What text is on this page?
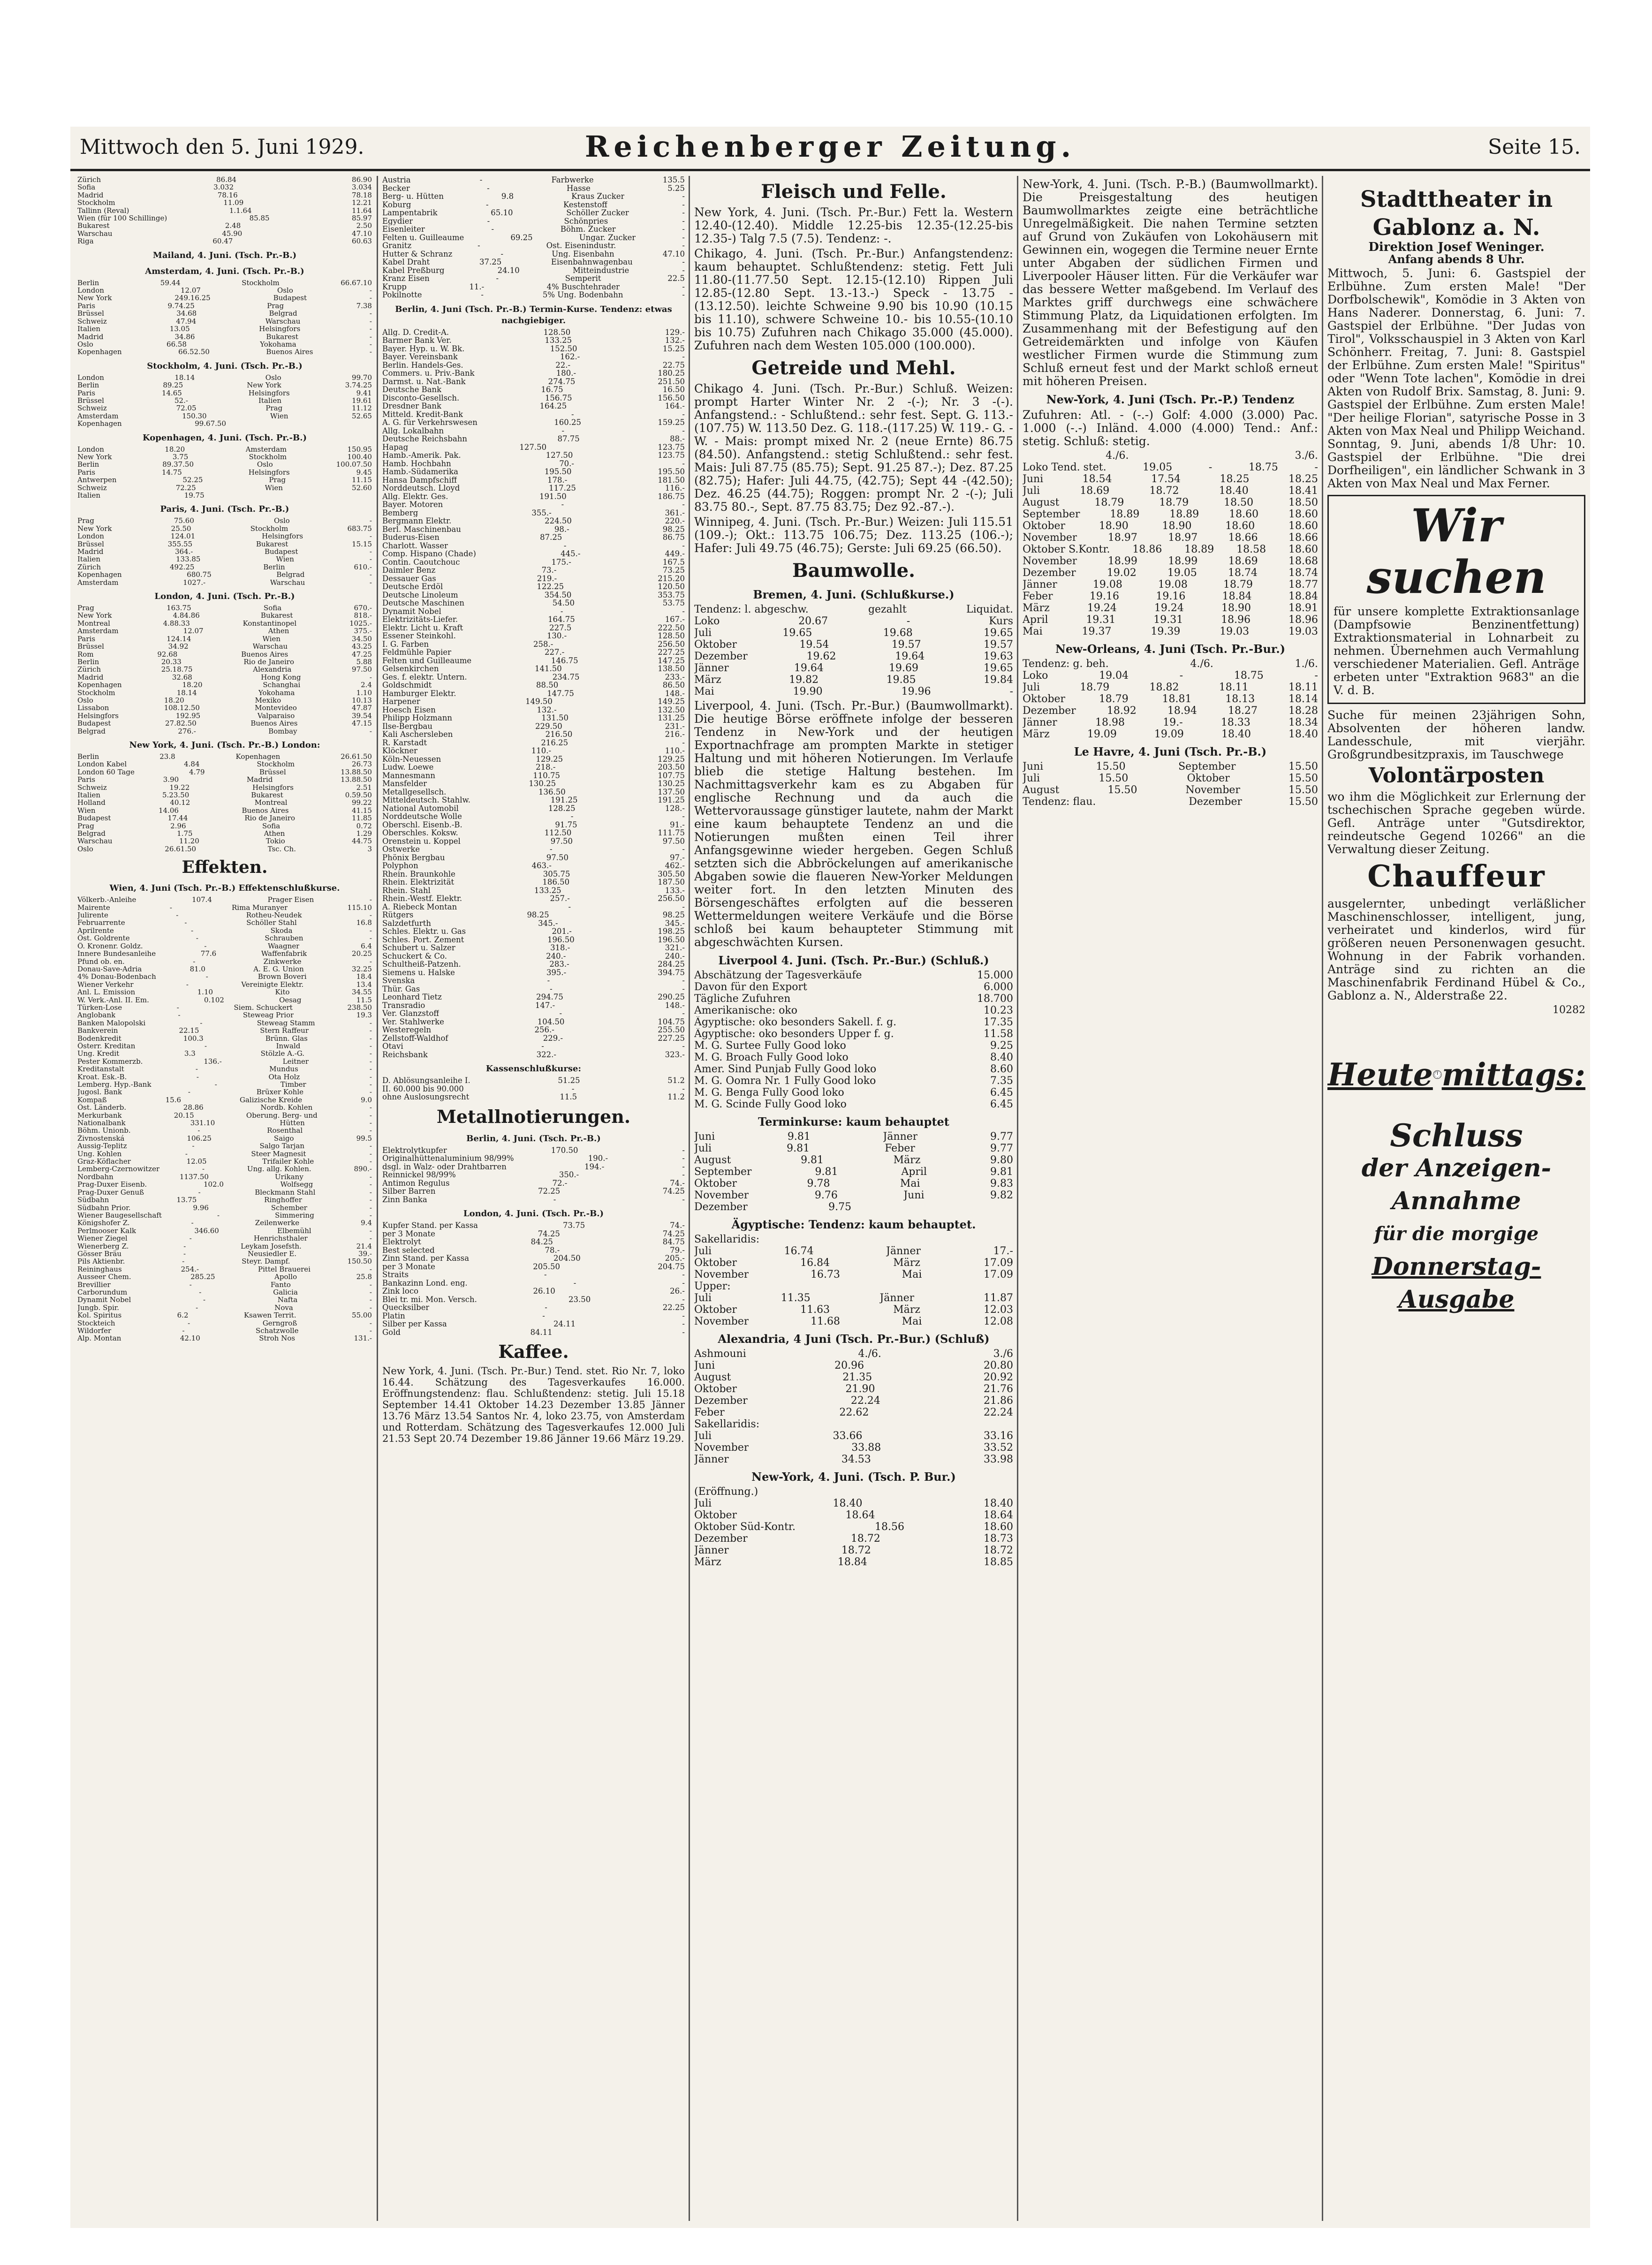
Mittwoch den 5. Juni 1929.	Reichenberger Zeitung.	Seite 15.
Zürich	86.84	86.90
Sofia	3.032	3.034
Madrid	78.16	78.18
Stockholm	11.09	12.21
Tallinn (Reval)	1.1.64	11.64
Wien (für 100 Schillinge)	85.85	85.97
Bukarest	2.48	2.50
Warschau	45.90	47.10
Riga	60.47	60.63
Mailand, 4. Juni. (Tsch. Pr.-B.)
Amsterdam, 4. Juni. (Tsch. Pr.-B.)
Berlin	59.44	Stockholm	66.67.10
London	12.07	Oslo	-
New York	249.16.25	Budapest	-
Paris	9.74.25	Prag	7.38
Brüssel	34.68	Belgrad	-
Schweiz	47.94	Warschau	-
Italien	13.05	Helsingfors	-
Madrid	34.86	Bukarest	-
Oslo	66.58	Yokohama	-
Kopenhagen	66.52.50	Buenos Aires	-
Stockholm, 4. Juni. (Tsch. Pr.-B.)
London	18.14	Oslo	99.70
Berlin	89.25	New York	3.74.25
Paris	14.65	Helsingfors	9.41
Brüssel	52.-	Italien	19.61
Schweiz	72.05	Prag	11.12
Amsterdam	150.30	Wien	52.65
Kopenhagen	99.67.50
Kopenhagen, 4. Juni. (Tsch. Pr.-B.)
London	18.20	Amsterdam	150.95
New York	3.75	Stockholm	100.40
Berlin	89.37.50	Oslo	100.07.50
Paris	14.75	Helsingfors	9.45
Antwerpen	52.25	Prag	11.15
Schweiz	72.25	Wien	52.60
Italien	19.75
Paris, 4. Juni. (Tsch. Pr.-B.)
Prag	75.60	Oslo	-
New York	25.50	Stockholm	683.75
London	124.01	Helsingfors	-
Brüssel	355.55	Bukarest	15.15
Madrid	364.-	Budapest	-
Italien	133.85	Wien	-
Zürich	492.25	Berlin	610.-
Kopenhagen	680.75	Belgrad	-
Amsterdam	1027.-	Warschau	-
London, 4. Juni. (Tsch. Pr.-B.)
Prag	163.75	Sofia	670.-
New York	4.84.86	Bukarest	818.-
Montreal	4.88.33	Konstantinopel	1025.-
Amsterdam	12.07	Athen	375.-
Paris	124.14	Wien	34.50
Brüssel	34.92	Warschau	43.25
Rom	92.68	Buenos Aires	47.25
Berlin	20.33	Rio de Janeiro	5.88
Zürich	25.18.75	Alexandria	97.50
Madrid	32.68	Hong Kong	-
Kopenhagen	18.20	Schanghai	2.4
Stockholm	18.14	Yokohama	1.10
Oslo	18.20	Mexiko	10.13
Lissabon	108.12.50	Montevideo	47.87
Helsingfors	192.95	Valparaiso	39.54
Budapest	27.82.50	Buenos Aires	47.15
Belgrad	276.-	Bombay	-
New York, 4. Juni. (Tsch. Pr.-B.) London:
Berlin	23.8	Kopenhagen	26.61.50
London Kabel	4.84	Stockholm	26.73
London 60 Tage	4.79	Brüssel	13.88.50
Paris	3.90	Madrid	13.88.50
Schweiz	19.22	Helsingfors	2.51
Italien	5.23.50	Bukarest	0.59.50
Holland	40.12	Montreal	99.22
Wien	14.06	Buenos Aires	41.15
Budapest	17.44	Rio de Janeiro	11.85
Prag	2.96	Sofia	0.72
Belgrad	1.75	Athen	1.29
Warschau	11.20	Tokio	44.75
Oslo	26.61.50	Tsc. Ch.	3
Effekten.
Wien, 4. Juni (Tsch. Pr.-B.) Effektenschlußkurse.
Völkerb.-Anleihe	107.4	Prager Eisen	-
Mairente	-	Rima Muranyer	115.10
Julirente	-	Rotheu-Neudek	-
Februarrente	-	Schöller Stahl	16.8
Aprilrente	-	Skoda	-
Öst. Goldrente	-	Schrauben	-
Ö. Kronenr. Goldz.	-	Waagner	6.4
Innere Bundesanleihe	77.6	Waffenfabrik	20.25
Pfund ob. en.	-	Zinkwerke	-
Donau-Save-Adria	81.0	A. E. G. Union	32.25
4% Donau-Bodenbach	-	Brown Boveri	18.4
Wiener Verkehr	-	Vereinigte Elektr.	13.4
Anl. L. Emission	1.10	Kito	34.55
W. Verk.-Anl. II. Em.	0.102	Oesag	11.5
Türken-Lose	-	Siem. Schuckert	238.50
Anglobank	-	Steweag Prior	19.3
Banken Malopolski	-	Steweag Stamm	-
Bankverein	22.15	Stern Raffeur	-
Bodenkredit	100.3	Brünn. Glas	-
Österr. Kreditan	-	Inwald	-
Ung. Kredit	3.3	Stölzle A.-G.	-
Pester Kommerzb.	136.-	Leitner	-
Kreditanstalt	-	Mundus	-
Kroat. Esk.-B.	-	Ota Holz	-
Lemberg. Hyp.-Bank	-	Timber	-
Jugosl. Bank	-	Brüxer Kohle	-
Kompaß	15.6	Galizische Kreide	9.0
Öst. Länderb.	28.86	Nordb. Kohlen	-
Merkurbank	20.15	Oberung. Berg- und	-
Nationalbank	331.10	Hütten	-
Böhm. Unionb.	-	Rosenthal	-
Živnostenská	106.25	Saigo	99.5
Aussig-Teplitz	-	Salgo Tarjan	-
Ung. Kohlen	-	Steer Magnesit	-
Graz-Köflacher	12.05	Trifailer Kohle	-
Lemberg-Czernowitzer	-	Ung. allg. Kohlen.	890.-
Nordbahn	1137.50	Urikany	-
Prag-Duxer Eisenb.	102.0	Wolfsegg	-
Prag-Duxer Genuß	-	Bleckmann Stahl	-
Südbahn	13.75	Ringhoffer	-
Südbahn Prior.	9.96	Schember	-
Wiener Baugesellschaft	-	Simmering	-
Königshofer Z.	-	Zeilenwerke	9.4
Perlmooser Kalk	346.60	Elbemühl	-
Wiener Ziegel	-	Henrichsthaler	-
Wienerberg Z.	-	Leykam Josefsth.	21.4
Gösser Bräu	-	Neusiedler E.	39.-
Pils Aktienbr.	-	Steyr. Dampf.	150.50
Reininghaus	254.-	Pittel Brauerei	-
Ausseer Chem.	285.25	Apollo	25.8
Brevillier	-	Fanto	-
Carborundum	-	Galicia	-
Dynamit Nobel	-	Nafta	-
Jungb. Spir.	-	Nova	-
Kol. Spiritus	6.2	Ksawen Territ.	55.00
Stockteich	-	Gerngroß	-
Wildorfer	-	Schatzwolle	-
Alp. Montan	42.10	Stroh Nos	131.-
Austria	-	Farbwerke	135.5
Becker	-	Hasse	5.25
Berg- u. Hütten	9.8	Kraus Zucker	-
Koburg	-	Kestenstoff	-
Lampentabrik	65.10	Schöller Zucker	-
Egydier	-	Schönpries	-
Eisenleiter	-	Böhm. Zucker	-
Felten u. Guilleaume	69.25	Ungar. Zucker	-
Granitz	-	Öst. Eisenindustr.	-
Hutter & Schranz	-	Ung. Eisenbahn	47.10
Kabel Draht	37.25	Eisenbahnwagenbau	-
Kabel Preßburg	24.10	Mitteindustrie	-
Kranz Eisen	-	Semperit	22.5
Krupp	11.-	4% Buschtehrader	-
Pokilnotte	-	5% Ung. Bodenbahn	-
Berlin, 4. Juni (Tsch. Pr.-B.) Termin-Kurse. Tendenz: etwas nachgiebiger.
Allg. D. Credit-A.	128.50	129.-
Barmer Bank Ver.	133.25	132.-
Bayer. Hyp. u. W. Bk.	152.50	15.25
Bayer. Vereinsbank	162.-	-
Berlin. Handels-Ges.	22.-	22.75
Commers. u. Priv.-Bank	180.-	180.25
Darmst. u. Nat.-Bank	274.75	251.50
Deutsche Bank	16.75	16.50
Disconto-Gesellsch.	156.75	156.50
Dresdner Bank	164.25	164.-
Mitteld. Kredit-Bank	-	-
A. G. für Verkehrswesen	160.25	159.25
Allg. Lokalbahn	-	-
Deutsche Reichsbahn	87.75	88.-
Hapag	127.50	123.75
Hamb.-Amerik. Pak.	127.50	123.75
Hamb. Hochbahn	70.-	-
Hamb.-Südamerika	195.50	195.50
Hansa Dampfschiff	178.-	181.50
Norddeutsch. Lloyd	117.25	116.-
Allg. Elektr. Ges.	191.50	186.75
Bayer. Motoren	-	-
Bemberg	355.-	361.-
Bergmann Elektr.	224.50	220.-
Berl. Maschinenbau	98.-	98.25
Buderus-Eisen	87.25	86.75
Charlott. Wasser	-	-
Comp. Hispano (Chade)	445.-	449.-
Contin. Caoutchouc	175.-	167.5
Daimler Benz	73.-	73.25
Dessauer Gas	219.-	215.20
Deutsche Erdöl	122.25	120.50
Deutsche Linoleum	354.50	353.75
Deutsche Maschinen	54.50	53.75
Dynamit Nobel	-	-
Elektrizitäts-Liefer.	164.75	167.-
Elektr. Licht u. Kraft	227.5	222.50
Essener Steinkohl.	130.-	128.50
I. G. Farben	258.-	256.50
Feldmühle Papier	227.-	227.25
Felten und Guilleaume	146.75	147.25
Gelsenkirchen	141.50	138.50
Ges. f. elektr. Untern.	234.75	233.-
Goldschmidt	88.50	86.50
Hamburger Elektr.	147.75	148.-
Harpener	149.50	149.25
Hoesch Eisen	132.-	132.50
Philipp Holzmann	131.50	131.25
Ilse-Bergbau	229.50	231.-
Kali Aschersleben	216.50	216.-
R. Karstadt	216.25	-
Klöckner	110.-	110.-
Köln-Neuessen	129.25	129.25
Ludw. Loewe	218.-	203.50
Mannesmann	110.75	107.75
Mansfelder	130.25	130.25
Metallgesellsch.	136.50	137.50
Mitteldeutsch. Stahlw.	191.25	191.25
National Automobil	128.25	128.-
Norddeutsche Wolle	-	-
Oberschl. Eisenb.-B.	91.75	91.-
Oberschles. Koksw.	112.50	111.75
Orenstein u. Koppel	97.50	97.50
Ostwerke	-	-
Phönix Bergbau	97.50	97.-
Polyphon	463.-	462.-
Rhein. Braunkohle	305.75	305.50
Rhein. Elektrizität	186.50	187.50
Rhein. Stahl	133.25	133.-
Rhein.-Westf. Elektr.	257.-	256.50
A. Riebeck Montan	-	-
Rütgers	98.25	98.25
Salzdetfurth	345.-	345.-
Schles. Elektr. u. Gas	201.-	198.25
Schles. Port. Zement	196.50	196.50
Schubert u. Salzer	318.-	321.-
Schuckert & Co.	240.-	240.-
Schultheiß-Patzenh.	283.-	284.25
Siemens u. Halske	395.-	394.75
Svenska	-	-
Thür. Gas	-	-
Leonhard Tietz	294.75	290.25
Transradio	147.-	148.-
Ver. Glanzstoff	-	-
Ver. Stahlwerke	104.50	104.75
Westeregeln	256.-	255.50
Zellstoff-Waldhof	229.-	227.25
Otavi	-	-
Reichsbank	322.-	323.-
Kassenschlußkurse:
D. Ablösungsanleihe I.	51.25	51.2
II. 60.000 bis 90.000	-	-
ohne Auslosungsrecht	11.5	11.2
Metallnotierungen.
Berlin, 4. Juni. (Tsch. Pr.-B.)
Elektrolytkupfer	170.50	-
Originalhüttenaluminium 98/99%	190.-	-
dsgl. in Walz- oder Drahtbarren	194.-	-
Reinnickel 98/99%	350.-	-
Antimon Regulus	72.-	74.-
Silber Barren	72.25	74.25
Zinn Banka	-	-
London, 4. Juni. (Tsch. Pr.-B.)
Kupfer Stand. per Kassa	73.75	74.-
per 3 Monate	74.25	74.25
Elektrolyt	84.25	84.75
Best selected	78.-	79.-
Zinn Stand. per Kassa	204.50	205.-
per 3 Monate	205.50	204.75
Straits	-	-
Bankazinn Lond. eng.	-	-
Zink loco	26.10	26.-
Blei tr. mi. Mon. Versch.	23.50	-
Quecksilber	-	22.25
Platin	-	-
Silber per Kassa	24.11	-
Gold	84.11	-
Kaffee.
New York, 4. Juni. (Tsch. Pr.-Bur.) Tend. stet. Rio Nr. 7, loko 16.44. Schätzung des Tagesverkaufes 16.000. Eröffnungstendenz: flau. Schlußtendenz: stetig. Juli 15.18 September 14.41 Oktober 14.23 Dezember 13.85 Jänner 13.76 März 13.54 Santos Nr. 4, loko 23.75, von Amsterdam und Rotterdam. Schätzung des Tagesverkaufes 12.000 Juli 21.53 Sept 20.74 Dezember 19.86 Jänner 19.66 März 19.29.
Fleisch und Felle.
New York, 4. Juni. (Tsch. Pr.-Bur.) Fett la. Western 12.40-(12.40). Middle 12.25-bis 12.35-(12.25-bis 12.35-) Talg 7.5 (7.5). Tendenz: -.
Chikago, 4. Juni. (Tsch. Pr.-Bur.) Anfangstendenz: kaum behauptet. Schlußtendenz: stetig. Fett Juli 11.80-(11.77.50 Sept. 12.15-(12.10) Rippen Juli 12.85-(12.80 Sept. 13.-13.-) Speck - 13.75 -(13.12.50). leichte Schweine 9.90 bis 10.90 (10.15 bis 11.10), schwere Schweine 10.- bis 10.55-(10.10 bis 10.75) Zufuhren nach Chikago 35.000 (45.000). Zufuhren nach dem Westen 105.000 (100.000).
Getreide und Mehl.
Chikago 4. Juni. (Tsch. Pr.-Bur.) Schluß. Weizen: prompt Harter Winter Nr. 2 -(-); Nr. 3 -(-). Anfangstend.: - Schlußtend.: sehr fest. Sept. G. 113.-(107.75) W. 113.50 Dez. G. 118.-(117.25) W. 119.- G. - W. - Mais: prompt mixed Nr. 2 (neue Ernte) 86.75 (84.50). Anfangstend.: stetig Schlußtend.: sehr fest. Mais: Juli 87.75 (85.75); Sept. 91.25 87.-); Dez. 87.25 (82.75); Hafer: Juli 44.75, (42.75); Sept 44 -(42.50); Dez. 46.25 (44.75); Roggen: prompt Nr. 2 -(-); Juli 83.75 80.-, Sept. 87.75 83.75; Dez 92.-87.-).
Winnipeg, 4. Juni. (Tsch. Pr.-Bur.) Weizen: Juli 115.51 (109.-); Okt.: 113.75 106.75; Dez. 113.25 (106.-); Hafer: Juli 49.75 (46.75); Gerste: Juli 69.25 (66.50).
Baumwolle.
Bremen, 4. Juni. (Schlußkurse.)
Tendenz: l. abgeschw.	gezahlt	Liquidat.
Loko	20.67	-	Kurs
Juli	19.65	19.68	19.65
Oktober	19.54	19.57	19.57
Dezember	19.62	19.64	19.63
Jänner	19.64	19.69	19.65
März	19.82	19.85	19.84
Mai	19.90	19.96	-
Liverpool, 4. Juni. (Tsch. Pr.-Bur.) (Baumwollmarkt). Die heutige Börse eröffnete infolge der besseren Tendenz in New-York und der heutigen Exportnachfrage am prompten Markte in stetiger Haltung und mit höheren Notierungen. Im Verlaufe blieb die stetige Haltung bestehen. Im Nachmittagsverkehr kam es zu Abgaben für englische Rechnung und da auch die Wettervoraussage günstiger lautete, nahm der Markt eine kaum behauptete Tendenz an und die Notierungen mußten einen Teil ihrer Anfangsgewinne wieder hergeben. Gegen Schluß setzten sich die Abbröckelungen auf amerikanische Abgaben sowie die flaueren New-Yorker Meldungen weiter fort. In den letzten Minuten des Börsengeschäftes erfolgten auf die besseren Wettermeldungen weitere Verkäufe und die Börse schloß bei kaum behaupteter Stimmung mit abgeschwächten Kursen.
Liverpool 4. Juni. (Tsch. Pr.-Bur.) (Schluß.)
Abschätzung der Tagesverkäufe	15.000
Davon für den Export	6.000
Tägliche Zufuhren	18.700
Amerikanische: oko	10.23
Ägyptische: oko besonders Sakell. f. g.	17.35
Ägyptische: oko besonders Upper f. g.	11.58
M. G. Surtee Fully Good loko	9.25
M. G. Broach Fully Good loko	8.40
Amer. Sind Punjab Fully Good loko	8.60
M. G. Oomra Nr. 1 Fully Good loko	7.35
M. G. Benga Fully Good loko	6.45
M. G. Scinde Fully Good loko	6.45
Terminkurse: kaum behauptet
Juni	9.81	Jänner	9.77
Juli	9.81	Feber	9.77
August	9.81	März	9.80
September	9.81	April	9.81
Oktober	9.78	Mai	9.83
November	9.76	Juni	9.82
Dezember	9.75
Ägyptische: Tendenz: kaum behauptet.
Sakellaridis:
Juli	16.74	Jänner	17.-
Oktober	16.84	März	17.09
November	16.73	Mai	17.09
Upper:
Juli	11.35	Jänner	11.87
Oktober	11.63	März	12.03
November	11.68	Mai	12.08
Alexandria, 4 Juni (Tsch. Pr.-Bur.) (Schluß)
Ashmouni	4./6.	3./6
Juni	20.96	20.80
August	21.35	20.92
Oktober	21.90	21.76
Dezember	22.24	21.86
Feber	22.62	22.24
Sakellaridis:
Juli	33.66	33.16
November	33.88	33.52
Jänner	34.53	33.98
New-York, 4. Juni. (Tsch. P. Bur.)
(Eröffnung.)
Juli	18.40	18.40
Oktober	18.64	18.64
Oktober Süd-Kontr.	18.56	18.60
Dezember	18.72	18.73
Jänner	18.72	18.72
März	18.84	18.85
New-York, 4. Juni. (Tsch. P.-B.) (Baumwollmarkt). Die Preisgestaltung des heutigen Baumwollmarktes zeigte eine beträchtliche Unregelmäßigkeit. Die nahen Termine setzten auf Grund von Zukäufen von Lokohäusern mit Gewinnen ein, wogegen die Termine neuer Ernte unter Abgaben der südlichen Firmen und Liverpooler Häuser litten. Für die Verkäufer war das bessere Wetter maßgebend. Im Verlauf des Marktes griff durchwegs eine schwächere Stimmung Platz, da Liquidationen erfolgten. Im Zusammenhang mit der Befestigung auf den Getreidemärkten und infolge von Käufen westlicher Firmen wurde die Stimmung zum Schluß erneut fest und der Markt schloß erneut mit höheren Preisen.
New-York, 4. Juni (Tsch. Pr.-P.) Tendenz
Zufuhren: Atl. - (-.-) Golf: 4.000 (3.000) Pac. 1.000 (-.-) Inländ. 4.000 (4.000) Tend.: Anf.: stetig. Schluß: stetig.
4./6.	3./6.
Loko Tend. stet.	19.05	-	18.75	-
Juni	18.54	17.54	18.25	18.25
Juli	18.69	18.72	18.40	18.41
August	18.79	18.79	18.50	18.50
September	18.89	18.89	18.60	18.60
Oktober	18.90	18.90	18.60	18.60
November	18.97	18.97	18.66	18.66
Oktober S.Kontr. 18.86 18.89 18.58 18.60
November	18.99	18.99	18.69	18.68
Dezember	19.02	19.05	18.74	18.74
Jänner	19.08	19.08	18.79	18.77
Feber	19.16	19.16	18.84	18.84
März	19.24	19.24	18.90	18.91
April	19.31	19.31	18.96	18.96
Mai	19.37	19.39	19.03	19.03
New-Orleans, 4. Juni (Tsch. Pr.-Bur.)
Tendenz: g. beh.	4./6.	1./6.
Loko	19.04	-	18.75	-
Juli	18.79	18.82	18.11	18.11
Oktober	18.79	18.81	18.13	18.14
Dezember	18.92	18.94	18.27	18.28
Jänner	18.98	19.-	18.33	18.34
März	19.09	19.09	18.40	18.40
Le Havre, 4. Juni (Tsch. Pr.-B.)
Juni	15.50	September	15.50
Juli	15.50	Oktober	15.50
August	15.50	November	15.50
Tendenz: flau.	Dezember	15.50
Stadttheater in Gablonz a. N.
Direktion Josef Weninger.
Anfang abends 8 Uhr.
Mittwoch, 5. Juni: 6. Gastspiel der Erlbühne. Zum ersten Male! "Der Dorfbolschewik", Komödie in 3 Akten von Hans Naderer. Donnerstag, 6. Juni: 7. Gastspiel der Erlbühne. "Der Judas von Tirol", Volksschauspiel in 3 Akten von Karl Schönherr. Freitag, 7. Juni: 8. Gastspiel der Erlbühne. Zum ersten Male! "Spiritus" oder "Wenn Tote lachen", Komödie in drei Akten von Rudolf Brix. Samstag, 8. Juni: 9. Gastspiel der Erlbühne. Zum ersten Male! "Der heilige Florian", satyrische Posse in 3 Akten von Max Neal und Philipp Weichand. Sonntag, 9. Juni, abends 1/8 Uhr: 10. Gastspiel der Erlbühne. "Die drei Dorfheiligen", ein ländlicher Schwank in 3 Akten von Max Neal und Max Ferner.
Wir suchen
für unsere komplette Extraktionsanlage (Dampfsowie Benzinentfettung) Extraktionsmaterial in Lohnarbeit zu nehmen. Übernehmen auch Vermahlung verschiedener Materialien. Gefl. Anträge erbeten unter "Extraktion 9683" an die V. d. B.
Suche für meinen 23jährigen Sohn, Absolventen der höheren landw. Landesschule, mit vierjähr. Großgrundbesitzpraxis, im Tauschwege
Volontärposten
wo ihm die Möglichkeit zur Erlernung der tschechischen Sprache gegeben würde. Gefl. Anträge unter "Gutsdirektor, reindeutsche Gegend 10266" an die Verwaltung dieser Zeitung.
Chauffeur
ausgelernter, unbedingt verläßlicher Maschinenschlosser, intelligent, jung, verheiratet und kinderlos, wird für größeren neuen Personenwagen gesucht. Wohnung in der Fabrik vorhanden. Anträge sind zu richten an die Maschinenfabrik Ferdinand Hübel & Co., Gablonz a. N., Alderstraße 22.
10282
Heute 12 1
2
3
4
5
6
7
8
9
10
11 mittags:
Schluss
der Anzeigen-Annahme
für die morgige
Donnerstag-Ausgabe
